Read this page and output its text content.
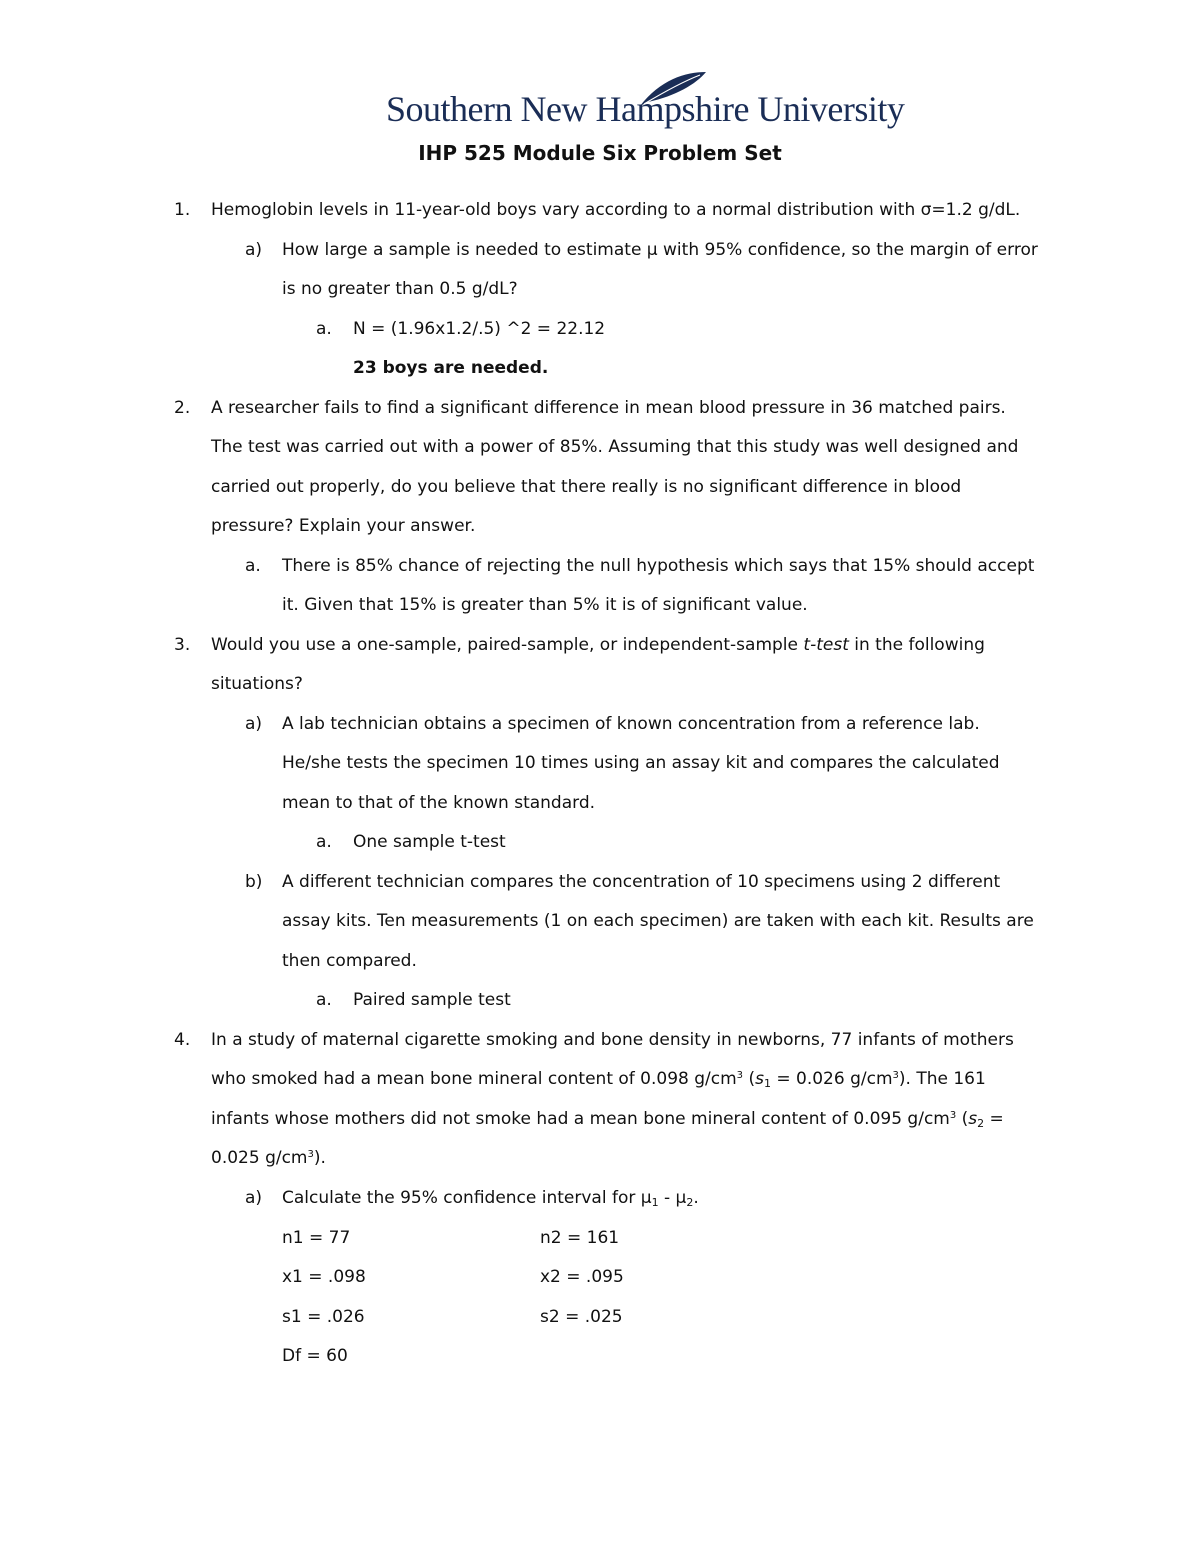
Southern New Hampshire University
IHP 525 Module Six Problem Set
1. Hemoglobin levels in 11-year-old boys vary according to a normal distribution with σ=1.2 g/dL.
a) How large a sample is needed to estimate μ with 95% confidence, so the margin of error
is no greater than 0.5 g/dL?
a. N = (1.96x1.2/.5) ^2 = 22.12
23 boys are needed.
2. A researcher fails to find a significant difference in mean blood pressure in 36 matched pairs.
The test was carried out with a power of 85%. Assuming that this study was well designed and
carried out properly, do you believe that there really is no significant difference in blood
pressure? Explain your answer.
a. There is 85% chance of rejecting the null hypothesis which says that 15% should accept
it. Given that 15% is greater than 5% it is of significant value.
3. Would you use a one-sample, paired-sample, or independent-sample t-test in the following
situations?
a) A lab technician obtains a specimen of known concentration from a reference lab.
He/she tests the specimen 10 times using an assay kit and compares the calculated
mean to that of the known standard.
a. One sample t-test
b) A different technician compares the concentration of 10 specimens using 2 different
assay kits. Ten measurements (1 on each specimen) are taken with each kit. Results are
then compared.
a. Paired sample test
4. In a study of maternal cigarette smoking and bone density in newborns, 77 infants of mothers
who smoked had a mean bone mineral content of 0.098 $g/cm^3$ ($s_1 = 0.026$ $g/cm^3$). The 161
infants whose mothers did not smoke had a mean bone mineral content of 0.095 $g/cm^3$ ($s_2$ =
0.025 $g/cm^3$).
a) Calculate the 95% confidence interval for $\mu_1 - \mu_2$.
n1 = 77	n2 = 161
x1 = .098	x2 = .095
s1 = .026	s2 = .025
Df = 60
